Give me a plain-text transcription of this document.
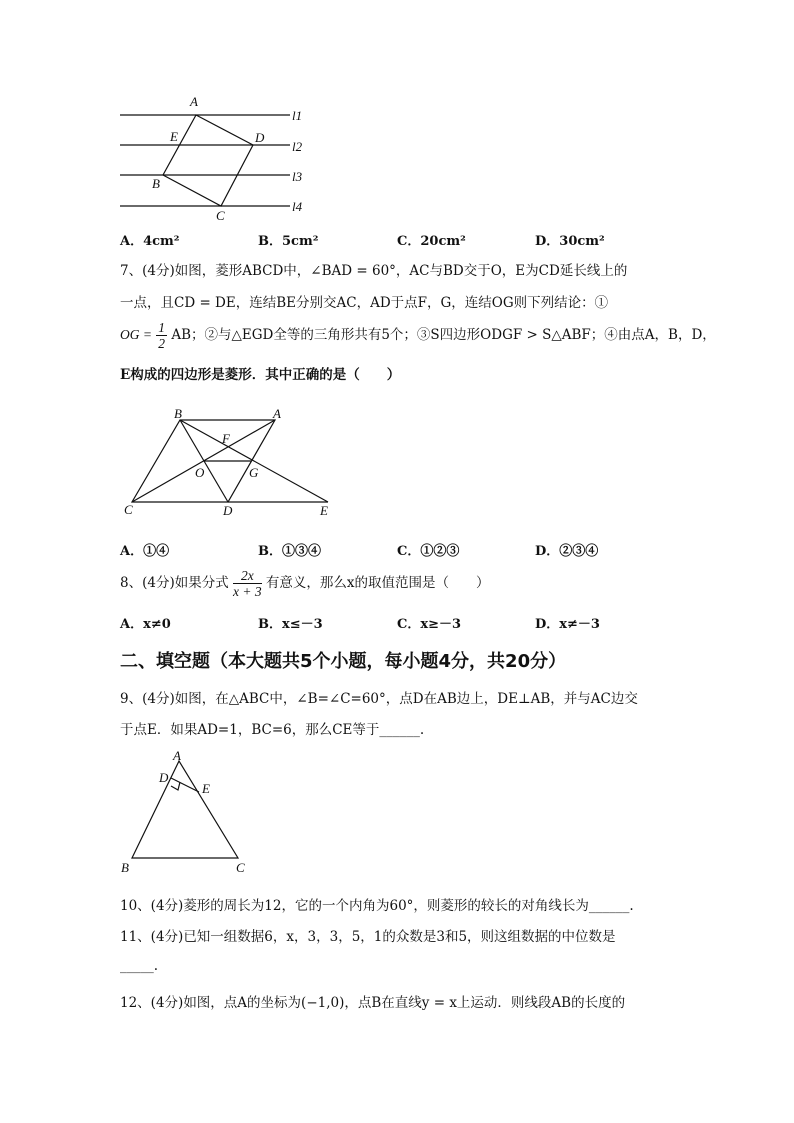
A
E	D
B
C
l1
l2
l3
l4
A．4cm²	B．5cm²	C．20cm²	D．30cm²
7、(4分)如图，菱形ABCD中，∠BAD = 60°，AC与BD交于O，E为CD延长线上的
一点，且CD = DE，连结BE分别交AC，AD于点F，G，连结OG则下列结论：①
OG = $\frac{1}{2}$ AB；②与△EGD全等的三角形共有5个；③S四边形ODGF > S△ABF；④由点A，B，D，
E构成的四边形是菱形．其中正确的是（　　）
B	A
F
O	G
C	D	E
A．①④	B．①③④	C．①②③	D．②③④
8、(4分)如果分式 $\frac{2x}{x + 3}$ 有意义，那么x的取值范围是（　　）
A．x≠0	B．x≤－3	C．x≥－3	D．x≠－3
二、填空题（本大题共5个小题，每小题4分，共20分）
9、(4分)如图，在△ABC中，∠B=∠C=60°，点D在AB边上，DE⊥AB，并与AC边交
于点E．如果AD=1，BC=6，那么CE等于______.
A
D
E
B	C
10、(4分)菱形的周长为12，它的一个内角为60°，则菱形的较长的对角线长为______.
11、(4分)已知一组数据6，x，3，3，5，1的众数是3和5，则这组数据的中位数是
_____.
12、(4分)如图，点A的坐标为(−1,0)，点B在直线y = x上运动．则线段AB的长度的
